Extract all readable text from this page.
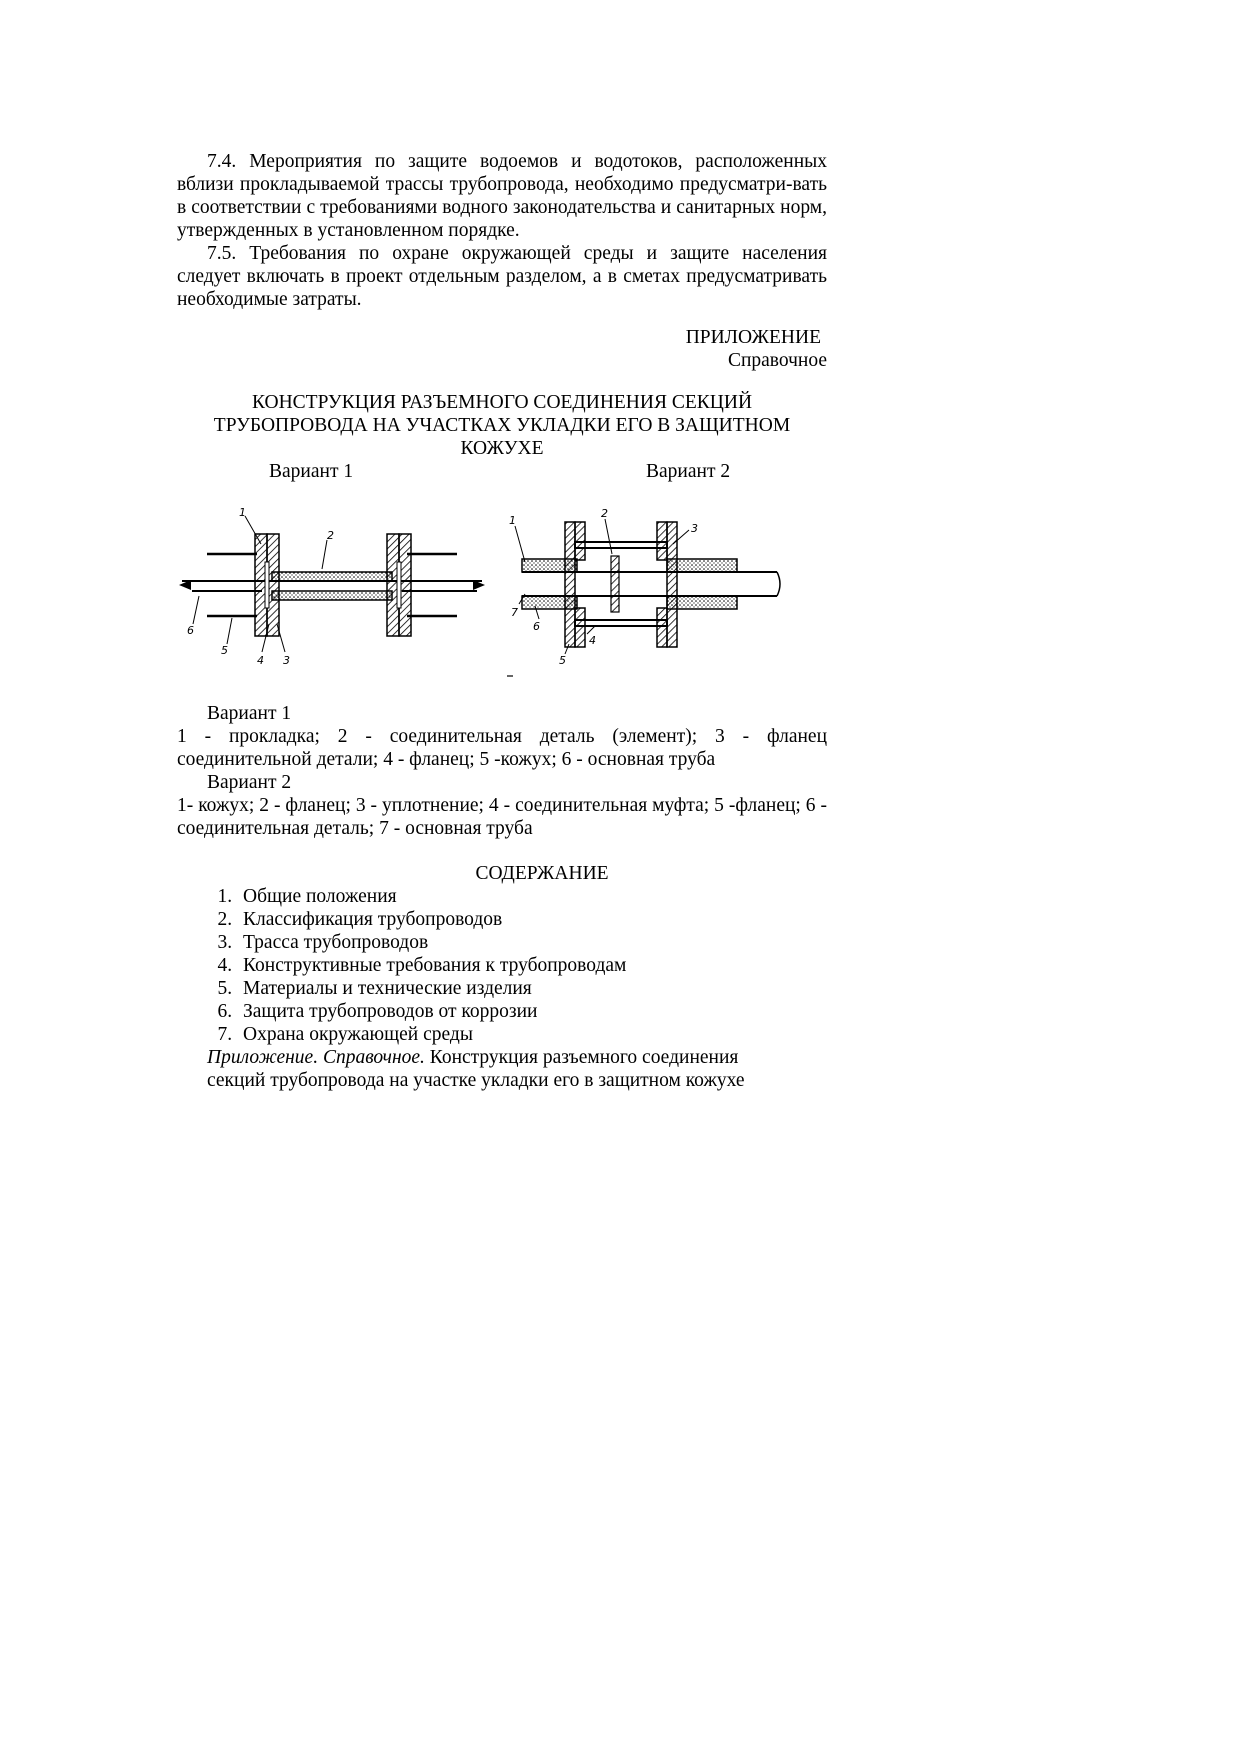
7.4. Мероприятия по защите водоемов и водотоков, расположенных вблизи прокладываемой трассы трубопровода, необходимо предусматри-вать в соответствии с требованиями водного законодательства и санитарных норм, утвержденных в установленном порядке.

7.5. Требования по охране окружающей среды и защите населения следует включать в проект отдельным разделом, а в сметах предусматривать необходимые затраты.

ПРИЛОЖЕНИЕ

Справочное

КОНСТРУКЦИЯ РАЗЪЕМНОГО СОЕДИНЕНИЯ СЕКЦИЙ ТРУБОПРОВОДА НА УЧАСТКАХ УКЛАДКИ ЕГО В ЗАЩИТНОМ КОЖУХЕ

Вариант 1	Вариант 2
1
2
6
5
4 3
1
2
3
7
6
4
5

Вариант 1

1 - прокладка; 2 - соединительная деталь (элемент); 3 - фланец соединительной детали; 4 - фланец; 5 -кожух; 6 - основная труба

Вариант 2

1- кожух; 2 - фланец; 3 - уплотнение; 4 - соединительная муфта; 5 -фланец; 6 - соединительная деталь; 7 - основная труба

СОДЕРЖАНИЕ

1. Общие положения
2. Классификация трубопроводов
3. Трасса трубопроводов
4. Конструктивные требования к трубопроводам
5. Материалы и технические изделия
6. Защита трубопроводов от коррозии
7. Охрана окружающей среды

Приложение. Справочное. Конструкция разъемного соединения секций трубопровода на участке укладки его в защитном кожухе
